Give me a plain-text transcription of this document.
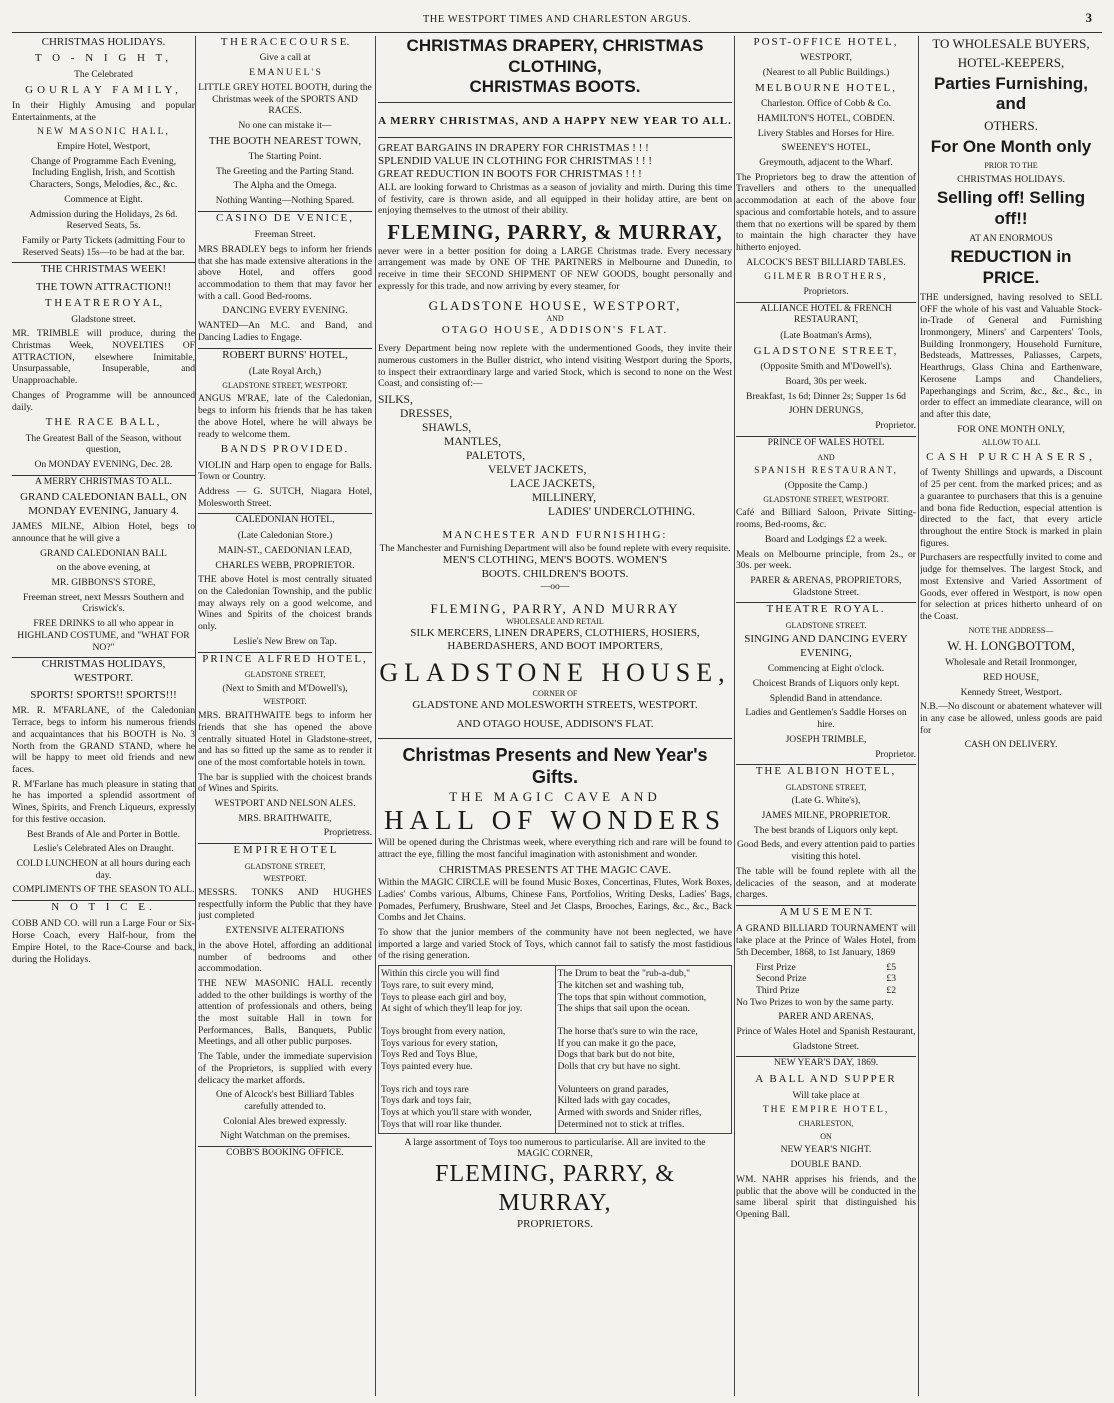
THE WESTPORT TIMES AND CHARLESTON ARGUS.	3
CHRISTMAS HOLIDAYS.
T O - N I G H T,
The Celebrated
GOURLAY FAMILY,
In their Highly Amusing and popular Entertainments, at the
NEW MASONIC HALL,
Empire Hotel, Westport,
Change of Programme Each Evening, Including English, Irish, and Scottish Characters, Songs, Melodies, &c., &c.
Commence at Eight.
Admission during the Holidays, 2s 6d. Reserved Seats, 5s.
Family or Party Tickets (admitting Four to Reserved Seats) 15s—to be had at the bar.
THE CHRISTMAS WEEK!
THE TOWN ATTRACTION!!
T H E A T R E R O Y A L,
Gladstone street.
MR. TRIMBLE will produce, during the Christmas Week, NOVELTIES OF ATTRACTION, elsewhere Inimitable, Unsurpassable, Insuperable, and Unapproachable.
Changes of Programme will be announced daily.
THE RACE BALL,
The Greatest Ball of the Season, without question,
On MONDAY EVENING, Dec. 28.
A MERRY CHRISTMAS TO ALL.
GRAND CALEDONIAN BALL, ON MONDAY EVENING, January 4.
JAMES MILNE, Albion Hotel, begs to announce that he will give a
GRAND CALEDONIAN BALL
on the above evening, at
MR. GIBBONS'S STORE,
Freeman street, next Messrs Southern and Criswick's.
FREE DRINKS to all who appear in HIGHLAND COSTUME, and "WHAT FOR NO?"
CHRISTMAS HOLIDAYS, WESTPORT.
SPORTS! SPORTS!! SPORTS!!!
MR. R. M'FARLANE, of the Caledonian Terrace, begs to inform his numerous friends and acquaintances that his BOOTH is No. 3 North from the GRAND STAND, where he will be happy to meet old friends and new faces.
R. M'Farlane has much pleasure in stating that he has imported a splendid assortment of Wines, Spirits, and French Liqueurs, expressly for this festive occasion.
Best Brands of Ale and Porter in Bottle.
Leslie's Celebrated Ales on Draught.
COLD LUNCHEON at all hours during each day.
COMPLIMENTS OF THE SEASON TO ALL.
N O T I C E.
COBB AND CO. will run a Large Four or Six-Horse Coach, every Half-hour, from the Empire Hotel, to the Race-Course and back, during the Holidays.
T H E R A C E C O U R S E.
Give a call at
E M A N U E L ' S
LITTLE GREY HOTEL BOOTH, during the Christmas week of the SPORTS AND RACES.
No one can mistake it—
THE BOOTH NEAREST TOWN,
The Starting Point.
The Greeting and the Parting Stand.
The Alpha and the Omega.
Nothing Wanting—Nothing Spared.
CASINO DE VENICE,
Freeman Street.
MRS BRADLEY begs to inform her friends that she has made extensive alterations in the above Hotel, and offers good accommodation to them that may favor her with a call. Good Bed-rooms.
DANCING EVERY EVENING.
WANTED—An M.C. and Band, and Dancing Ladies to Engage.
ROBERT BURNS' HOTEL,
(Late Royal Arch,)
GLADSTONE STREET, WESTPORT.
ANGUS M'RAE, late of the Caledonian, begs to inform his friends that he has taken the above Hotel, where he will always be ready to welcome them.
BANDS PROVIDED.
VIOLIN and Harp open to engage for Balls. Town or Country.
Address — G. SUTCH, Niagara Hotel, Molesworth Street.
CALEDONIAN HOTEL,
(Late Caledonian Store.)
MAIN-ST., CAEDONIAN LEAD,
CHARLES WEBB, PROPRIETOR.
THE above Hotel is most centrally situated on the Caledonian Township, and the public may always rely on a good welcome, and Wines and Spirits of the choicest brands only.
Leslie's New Brew on Tap.
PRINCE ALFRED HOTEL,
GLADSTONE STREET,
(Next to Smith and M'Dowell's),
WESTPORT.
MRS. BRAITHWAITE begs to inform her friends that she has opened the above centrally situated Hotel in Gladstone-street, and has so fitted up the same as to render it one of the most comfortable hotels in town.
The bar is supplied with the choicest brands of Wines and Spirits.
WESTPORT AND NELSON ALES.
MRS. BRAITHWAITE,
Proprietress.
E M P I R E H O T E L
GLADSTONE STREET,
WESTPORT.
MESSRS. TONKS AND HUGHES respectfully inform the Public that they have just completed
EXTENSIVE ALTERATIONS
in the above Hotel, affording an additional number of bedrooms and other accommodation.
THE NEW MASONIC HALL recently added to the other buildings is worthy of the attention of professionals and others, being the most suitable Hall in town for Performances, Balls, Banquets, Public Meetings, and all other public purposes.
The Table, under the immediate supervision of the Proprietors, is supplied with every delicacy the market affords.
One of Alcock's best Billiard Tables carefully attended to.
Colonial Ales brewed expressly.
Night Watchman on the premises.
COBB'S BOOKING OFFICE.
CHRISTMAS DRAPERY, CHRISTMAS CLOTHING,
CHRISTMAS BOOTS.
A MERRY CHRISTMAS, AND A HAPPY NEW YEAR TO ALL.
GREAT BARGAINS IN DRAPERY FOR CHRISTMAS ! ! !
SPLENDID VALUE IN CLOTHING FOR CHRISTMAS ! ! !
GREAT REDUCTION IN BOOTS FOR CHRISTMAS ! ! !
ALL are looking forward to Christmas as a season of joviality and mirth. During this time of festivity, care is thrown aside, and all equipped in their holiday attire, are bent on enjoying themselves to the utmost of their ability.
FLEMING, PARRY, & MURRAY,
never were in a better position for doing a LARGE Christmas trade. Every necessary arrangement was made by ONE OF THE PARTNERS in Melbourne and Dunedin, to receive in time their SECOND SHIPMENT OF NEW GOODS, bought personally and expressly for this trade, and now arriving by every steamer, for
GLADSTONE HOUSE, WESTPORT,
AND
OTAGO HOUSE, ADDISON'S FLAT.
Every Department being now replete with the undermentioned Goods, they invite their numerous customers in the Buller district, who intend visiting Westport during the Sports, to inspect their extraordinary large and varied Stock, which is second to none on the West Coast, and consisting of:—
SILKS,
DRESSES,
SHAWLS,
MANTLES,
PALETOTS,
VELVET JACKETS,
LACE JACKETS,
MILLINERY,
LADIES' UNDERCLOTHING.
MANCHESTER AND FURNISHIHG:
The Manchester and Furnishing Department will also be found replete with every requisite.
MEN'S CLOTHING, MEN'S BOOTS. WOMEN'S
BOOTS. CHILDREN'S BOOTS.
—oo—
FLEMING, PARRY, AND MURRAY
WHOLESALE AND RETAIL
SILK MERCERS, LINEN DRAPERS, CLOTHIERS, HOSIERS, HABERDASHERS, AND BOOT IMPORTERS,
GLADSTONE HOUSE,
CORNER OF
GLADSTONE AND MOLESWORTH STREETS, WESTPORT.
AND OTAGO HOUSE, ADDISON'S FLAT.
Christmas Presents and New Year's Gifts.
THE MAGIC CAVE AND
HALL OF WONDERS
Will be opened during the Christmas week, where everything rich and rare will be found to attract the eye, filling the most fanciful imagination with astonishment and wonder.
CHRISTMAS PRESENTS AT THE MAGIC CAVE.
Within the MAGIC CIRCLE will be found Music Boxes, Concertinas, Flutes, Work Boxes, Ladies' Combs various, Albums, Chinese Fans, Portfolios, Writing Desks, Ladies' Bags, Pomades, Perfumery, Brushware, Steel and Jet Clasps, Brooches, Earings, &c., &c., Back Combs and Jet Chains.
To show that the junior members of the community have not been neglected, we have imported a large and varied Stock of Toys, which cannot fail to satisfy the most fastidious of the rising generation.
Within this circle you will find
Toys rare, to suit every mind,
Toys to please each girl and boy,
At sight of which they'll leap for joy.
Toys brought from every nation,
Toys various for every station,
Toys Red and Toys Blue,
Toys painted every hue.
Toys rich and toys rare
Toys dark and toys fair,
Toys at which you'll stare with wonder,
Toys that will roar like thunder.
The Drum to beat the "rub-a-dub,"
The kitchen set and washing tub,
The tops that spin without commotion,
The ships that sail upon the ocean.
The horse that's sure to win the race,
If you can make it go the pace,
Dogs that bark but do not bite,
Dolls that cry but have no sight.
Volunteers on grand parades,
Kilted lads with gay cocades,
Armed with swords and Snider rifles,
Determined not to stick at trifles.
A large assortment of Toys too numerous to particularise. All are invited to the
MAGIC CORNER,
FLEMING, PARRY, & MURRAY,
PROPRIETORS.
POST-OFFICE HOTEL,
WESTPORT,
(Nearest to all Public Buildings.)
MELBOURNE HOTEL,
Charleston. Office of Cobb & Co.
HAMILTON'S HOTEL, COBDEN.
Livery Stables and Horses for Hire.
SWEENEY'S HOTEL,
Greymouth, adjacent to the Wharf.
The Proprietors beg to draw the attention of Travellers and others to the unequalled accommodation at each of the above four spacious and comfortable hotels, and to assure them that no exertions will be spared by them to maintain the high character they have hitherto enjoyed.
ALCOCK'S BEST BILLIARD TABLES.
GILMER BROTHERS,
Proprietors.
ALLIANCE HOTEL & FRENCH RESTAURANT,
(Late Boatman's Arms),
GLADSTONE STREET,
(Opposite Smith and M'Dowell's).
Board, 30s per week.
Breakfast, 1s 6d; Dinner 2s; Supper 1s 6d
JOHN DERUNGS,
Proprietor.
PRINCE OF WALES HOTEL
AND
SPANISH RESTAURANT,
(Opposite the Camp.)
GLADSTONE STREET, WESTPORT.
Café and Billiard Saloon, Private Sitting-rooms, Bed-rooms, &c.
Board and Lodgings £2 a week.
Meals on Melbourne principle, from 2s., or 30s. per week.
PARER & ARENAS, PROPRIETORS, Gladstone Street.
THEATRE ROYAL.
GLADSTONE STREET.
SINGING AND DANCING EVERY EVENING,
Commencing at Eight o'clock.
Choicest Brands of Liquors only kept.
Splendid Band in attendance.
Ladies and Gentlemen's Saddle Horses on hire.
JOSEPH TRIMBLE,
Proprietor.
THE ALBION HOTEL,
GLADSTONE STREET,
(Late G. White's),
JAMES MILNE, PROPRIETOR.
The best brands of Liquors only kept.
Good Beds, and every attention paid to parties visiting this hotel.
The table will be found replete with all the delicacies of the season, and at moderate charges.
A M U S E M E N T.
A GRAND BILLIARD TOURNAMENT will take place at the Prince of Wales Hotel, from 5th December, 1868, to 1st January, 1869
First Prize	£5
Second Prize	£3
Third Prize	£2
No Two Prizes to won by the same party.
PARER AND ARENAS,
Prince of Wales Hotel and Spanish Restaurant,
Gladstone Street.
NEW YEAR'S DAY, 1869.
A BALL AND SUPPER
Will take place at
THE EMPIRE HOTEL,
CHARLESTON,
ON
NEW YEAR'S NIGHT.
DOUBLE BAND.
WM. NAHR apprises his friends, and the public that the above will be conducted in the same liberal spirit that distinguished his Opening Ball.
TO WHOLESALE BUYERS,
HOTEL-KEEPERS,
Parties Furnishing, and
OTHERS.
For One Month only
PRIOR TO THE
CHRISTMAS HOLIDAYS.
Selling off! Selling off!!
AT AN ENORMOUS
REDUCTION in PRICE.
THE undersigned, having resolved to SELL OFF the whole of his vast and Valuable Stock-in-Trade of General and Furnishing Ironmongery, Miners' and Carpenters' Tools, Building Ironmongery, Household Furniture, Bedsteads, Mattresses, Paliasses, Carpets, Hearthrugs, Glass China and Earthenware, Kerosene Lamps and Chandeliers, Paperhangings and Scrim, &c., &c., &c., in order to effect an immediate clearance, will on and after this date,
FOR ONE MONTH ONLY,
ALLOW TO ALL
CASH PURCHASERS,
of Twenty Shillings and upwards, a Discount of 25 per cent. from the marked prices; and as a guarantee to purchasers that this is a genuine and bona fide Reduction, especial attention is directed to the fact, that every article throughout the entire Stock is marked in plain figures.
Purchasers are respectfully invited to come and judge for themselves. The largest Stock, and most Extensive and Varied Assortment of Goods, ever offered in Westport, is now open for selection at prices hitherto unheard of on the Coast.
NOTE THE ADDRESS—
W. H. LONGBOTTOM,
Wholesale and Retail Ironmonger,
RED HOUSE,
Kennedy Street, Westport.
N.B.—No discount or abatement whatever will in any case be allowed, unless goods are paid for
CASH ON DELIVERY.
